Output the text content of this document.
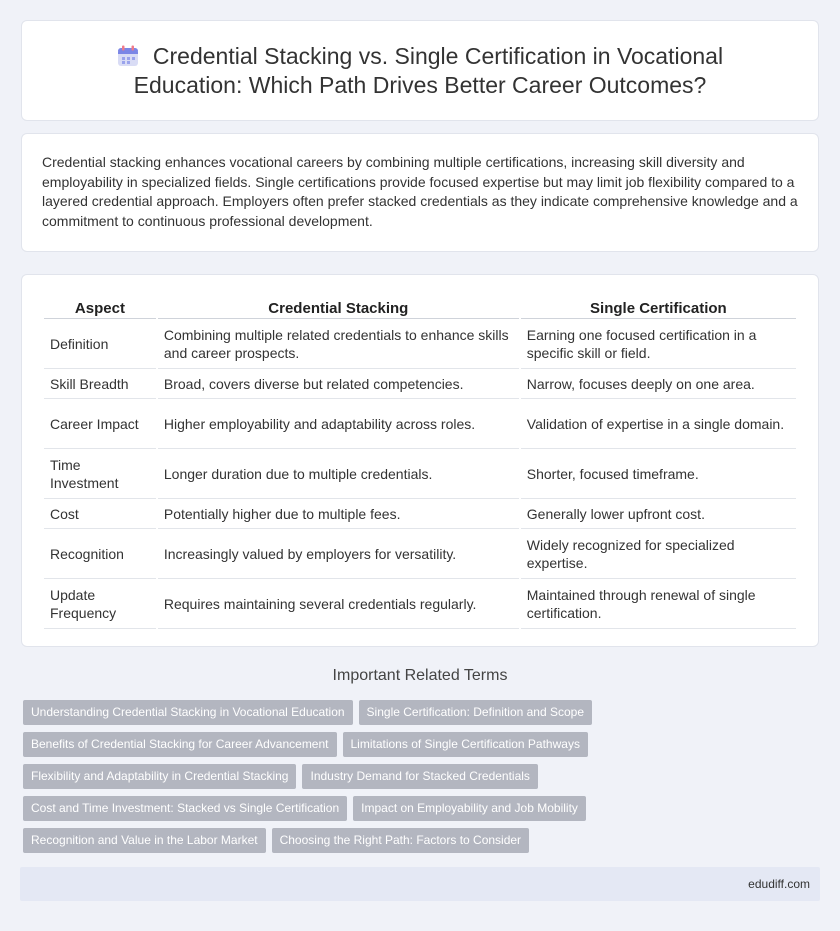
Credential Stacking vs. Single Certification in Vocational Education: Which Path Drives Better Career Outcomes?

Credential stacking enhances vocational careers by combining multiple certifications, increasing skill diversity and employability in specialized fields. Single certifications provide focused expertise but may limit job flexibility compared to a layered credential approach. Employers often prefer stacked credentials as they indicate comprehensive knowledge and a commitment to continuous professional development.

Aspect	Credential Stacking	Single Certification
Definition	Combining multiple related credentials to enhance skills and career prospects.	Earning one focused certification in a specific skill or field.
Skill Breadth	Broad, covers diverse but related competencies.	Narrow, focuses deeply on one area.
Career Impact	Higher employability and adaptability across roles.	Validation of expertise in a single domain.
Time Investment	Longer duration due to multiple credentials.	Shorter, focused timeframe.
Cost	Potentially higher due to multiple fees.	Generally lower upfront cost.
Recognition	Increasingly valued by employers for versatility.	Widely recognized for specialized expertise.
Update Frequency	Requires maintaining several credentials regularly.	Maintained through renewal of single certification.
Important Related Terms
Understanding Credential Stacking in Vocational Education	Single Certification: Definition and Scope
Benefits of Credential Stacking for Career Advancement	Limitations of Single Certification Pathways
Flexibility and Adaptability in Credential Stacking	Industry Demand for Stacked Credentials
Cost and Time Investment: Stacked vs Single Certification	Impact on Employability and Job Mobility
Recognition and Value in the Labor Market	Choosing the Right Path: Factors to Consider
edudiff.com
